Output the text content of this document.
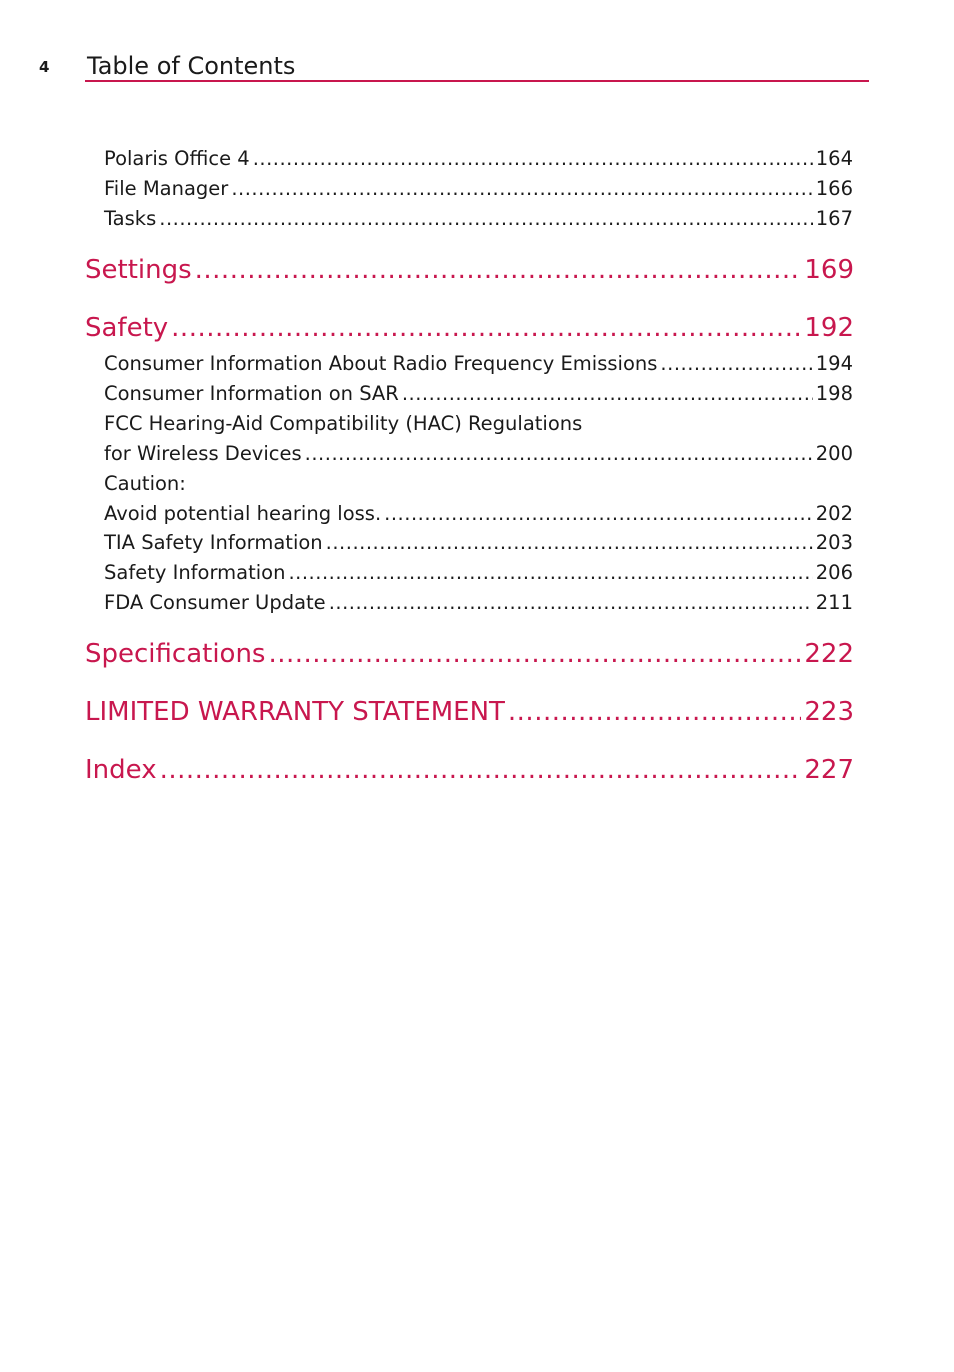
4 Table of Contents
Polaris Office 4 .....	164
File Manager .....	166
Tasks .....	167
Settings .....	169
Safety .....	192
Consumer Information About Radio Frequency Emissions .....	194
Consumer Information on SAR .....	198
FCC Hearing-Aid Compatibility (HAC) Regulations
for Wireless Devices .....	200
Caution:
Avoid potential hearing loss. .....	202
TIA Safety Information .....	203
Safety Information .....	206
FDA Consumer Update .....	211
Specifications .....	222
LIMITED WARRANTY STATEMENT .....	223
Index .....	227
